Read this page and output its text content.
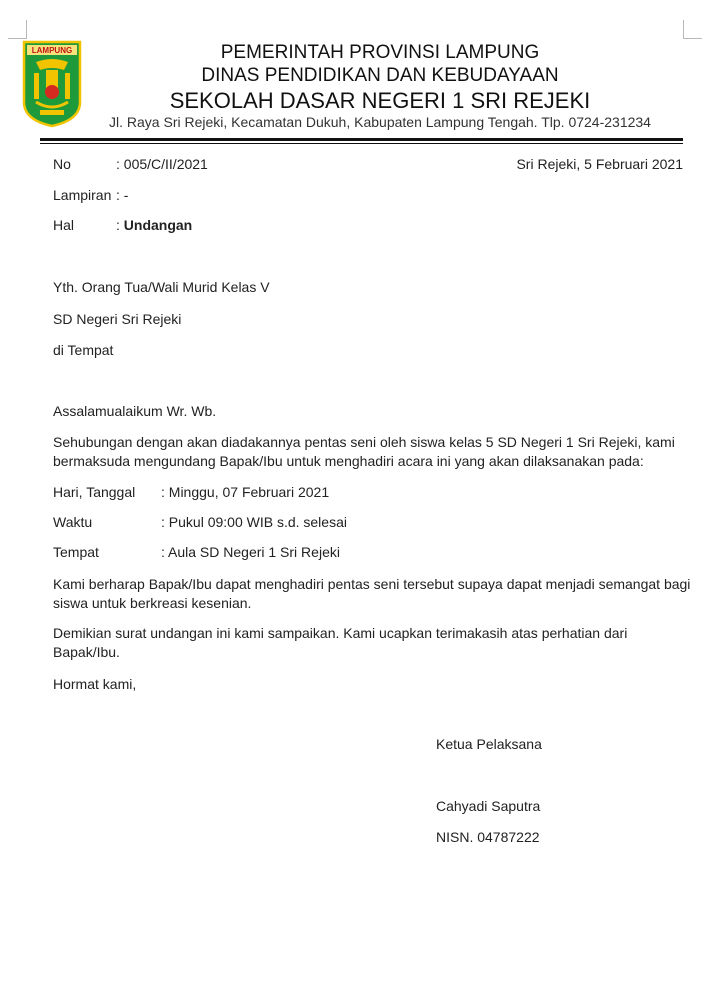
LAMPUNG	PEMERINTAH PROVINSI LAMPUNG
DINAS PENDIDIKAN DAN KEBUDAYAAN
SEKOLAH DASAR NEGERI 1 SRI REJEKI
Jl. Raya Sri Rejeki, Kecamatan Dukuh, Kabupaten Lampung Tengah. Tlp. 0724-231234
No	: 005/C/II/2021	Sri Rejeki, 5 Februari 2021
Lampiran : -
Hal	: Undangan
Yth. Orang Tua/Wali Murid Kelas V
SD Negeri Sri Rejeki
di Tempat
Assalamualaikum Wr. Wb.
Sehubungan dengan akan diadakannya pentas seni oleh siswa kelas 5 SD Negeri 1 Sri Rejeki, kami
bermaksuda mengundang Bapak/Ibu untuk menghadiri acara ini yang akan dilaksanakan pada:
Hari, Tanggal : Minggu, 07 Februari 2021
Waktu	: Pukul 09:00 WIB s.d. selesai
Tempat	: Aula SD Negeri 1 Sri Rejeki
Kami berharap Bapak/Ibu dapat menghadiri pentas seni tersebut supaya dapat menjadi semangat bagi
siswa untuk berkreasi kesenian.
Demikian surat undangan ini kami sampaikan. Kami ucapkan terimakasih atas perhatian dari
Bapak/Ibu.
Hormat kami,
Ketua Pelaksana
Cahyadi Saputra
NISN. 04787222
